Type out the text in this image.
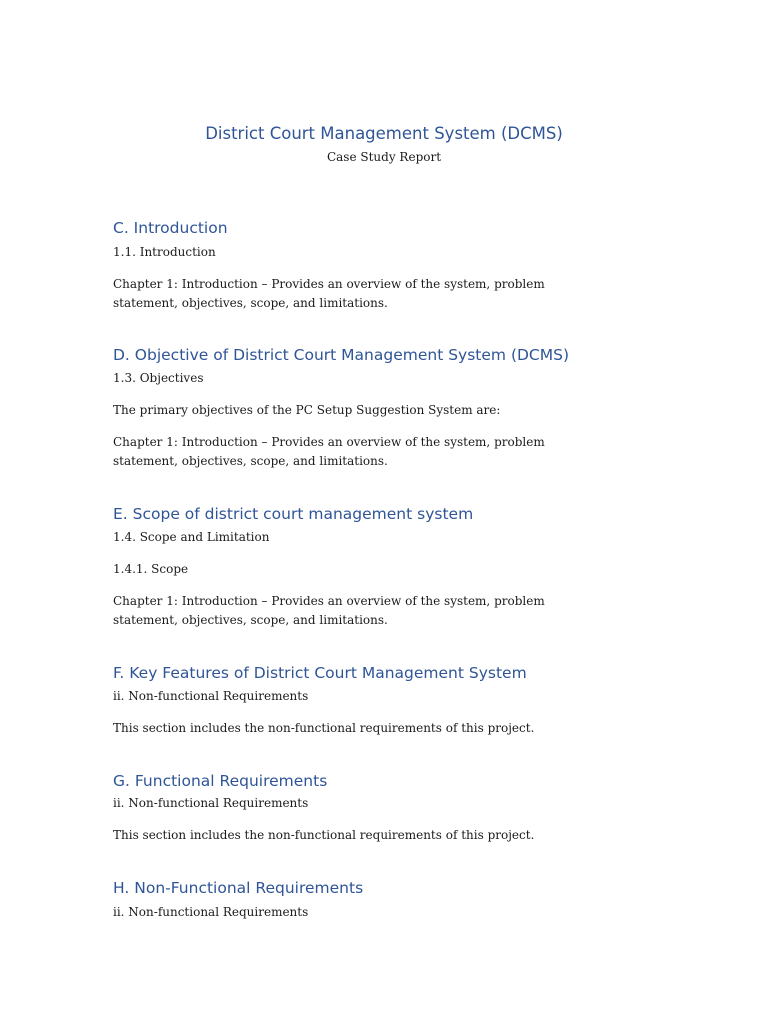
District Court Management System (DCMS)

Case Study Report

C. Introduction

1.1. Introduction

Chapter 1: Introduction – Provides an overview of the system, problem statement, objectives, scope, and limitations.

D. Objective of District Court Management System (DCMS)

1.3. Objectives

The primary objectives of the PC Setup Suggestion System are:

Chapter 1: Introduction – Provides an overview of the system, problem statement, objectives, scope, and limitations.

E. Scope of district court management system

1.4. Scope and Limitation

1.4.1. Scope

Chapter 1: Introduction – Provides an overview of the system, problem statement, objectives, scope, and limitations.

F. Key Features of District Court Management System

ii. Non-functional Requirements

This section includes the non-functional requirements of this project.

G. Functional Requirements

ii. Non-functional Requirements

This section includes the non-functional requirements of this project.

H. Non-Functional Requirements

ii. Non-functional Requirements
